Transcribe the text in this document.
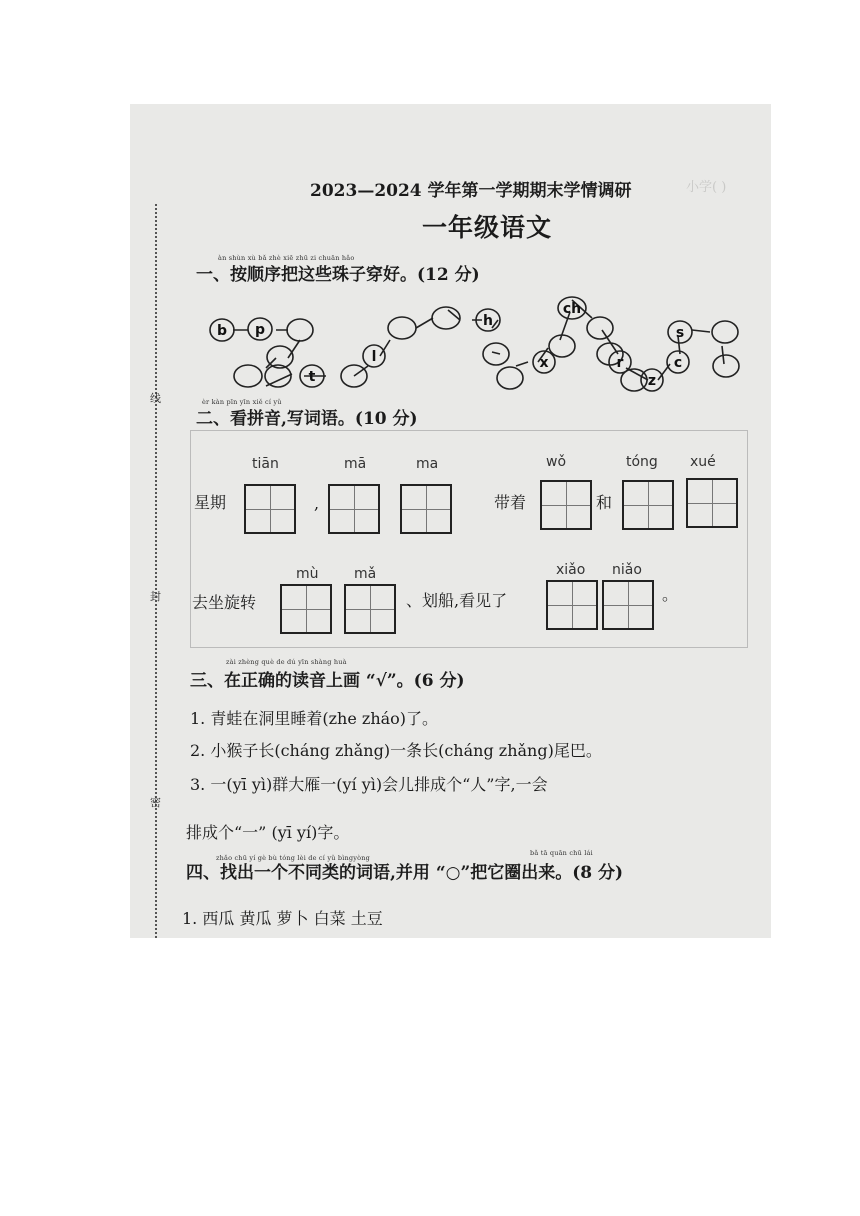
小学( )
线
封
密
2023—2024 学年第一学期期末学情调研
一年级语文
àn shùn xù bǎ zhè xiē zhū zi chuān hǎo
一、按顺序把这些珠子穿好。(12 分)
b p
t
l
h
x
ch
r
z
c
s
èr kàn pīn yīn xiě cí yǔ
二、看拼音,写词语。(10 分)
tiān	mā	ma	wǒ	tóng xué
星期	,	带着	和
mù	mǎ	xiǎo niǎo
去坐旋转	、划船,看见了	。
zài zhèng què de dú yīn shàng huà
三、在正确的读音上画 “√”。(6 分)
1. 青蛙在洞里睡着(zhe zháo)了。
2. 小猴子长(cháng zhǎng)一条长(cháng zhǎng)尾巴。
3. 一(yī yì)群大雁一(yí yì)会儿排成个“人”字,一会
排成个“一” (yī yí)字。
zhǎo chū yí gè bù tóng lèi de cí yǔ bìngyòng
bǎ tā quān chū lái
四、找出一个不同类的词语,并用 “○”把它圈出来。(8 分)
1. 西瓜 黄瓜 萝卜 白菜 土豆
